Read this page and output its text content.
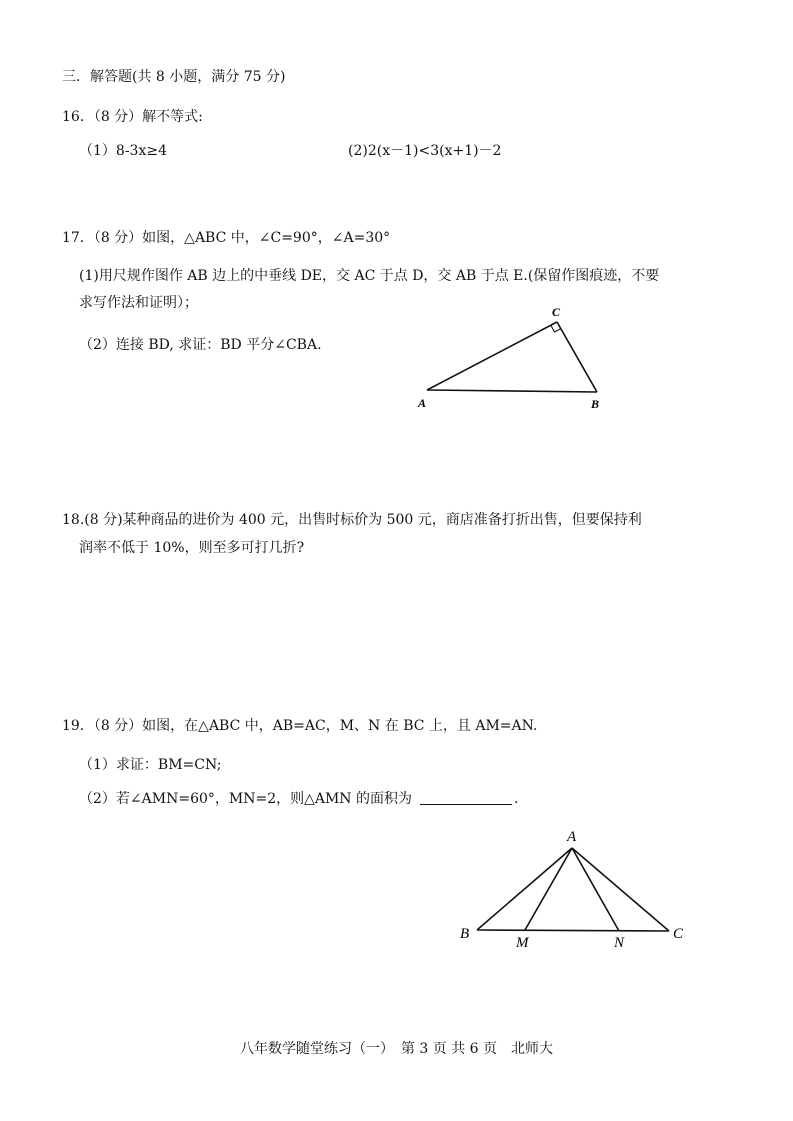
三．解答题(共 8 小题，满分 75 分)
16．（8 分）解不等式:
（1）8-3x≥4	(2)2(x－1)<3(x+1)－2
17．（8 分）如图，△ABC 中，∠C=90°，∠A=30°
(1)用尺规作图作 AB 边上的中垂线 DE，交 AC 于点 D，交 AB 于点 E.(保留作图痕迹，不要
求写作法和证明）；
（2）连接 BD, 求证：BD 平分∠CBA.
C
A	B
18.(8 分)某种商品的进价为 400 元，出售时标价为 500 元，商店准备打折出售，但要保持利
润率不低于 10%，则至多可打几折?
19．（8 分）如图，在△ABC 中，AB=AC，M、N 在 BC 上，且 AM=AN.
（1）求证：BM=CN;
（2）若∠AMN=60°，MN=2，则△AMN 的面积为	.
A
B	C
M	N
八年数学随堂练习（一）　第 3 页 共 6 页　北师大
